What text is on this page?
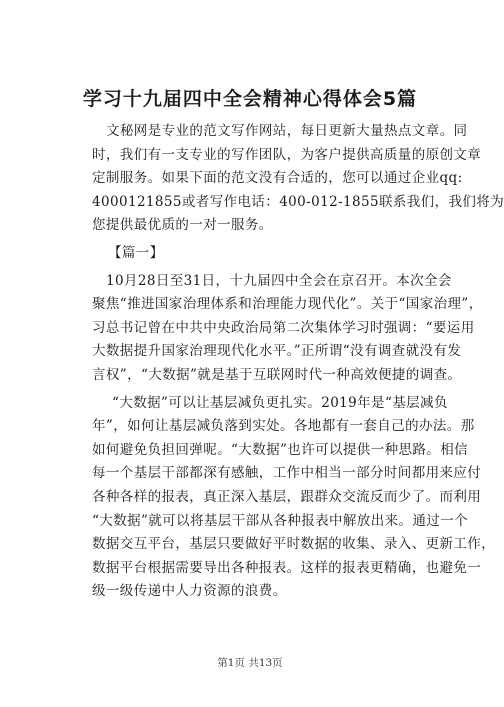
学习十九届四中全会精神心得体会5篇
文秘网是专业的范文写作网站，每日更新大量热点文章。同
时，我们有一支专业的写作团队，为客户提供高质量的原创文章
定制服务。如果下面的范文没有合适的，您可以通过企业qq:
4000121855或者写作电话：400-012-1855联系我们，我们将为
您提供最优质的一对一服务。
【篇一】
10月28日至31日，十九届四中全会在京召开。本次全会
聚焦“推进国家治理体系和治理能力现代化”。关于“国家治理”，
习总书记曾在中共中央政治局第二次集体学习时强调：“要运用
大数据提升国家治理现代化水平。”正所谓“没有调查就没有发
言权”，“大数据”就是基于互联网时代一种高效便捷的调查。
“大数据”可以让基层减负更扎实。2019年是“基层减负
年”，如何让基层减负落到实处。各地都有一套自己的办法。那
如何避免负担回弹呢。“大数据”也许可以提供一种思路。相信
每一个基层干部都深有感触，工作中相当一部分时间都用来应付
各种各样的报表，真正深入基层，跟群众交流反而少了。而利用
“大数据”就可以将基层干部从各种报表中解放出来。通过一个
数据交互平台，基层只要做好平时数据的收集、录入、更新工作，
数据平台根据需要导出各种报表。这样的报表更精确，也避免一
级一级传递中人力资源的浪费。
第1页 共13页
